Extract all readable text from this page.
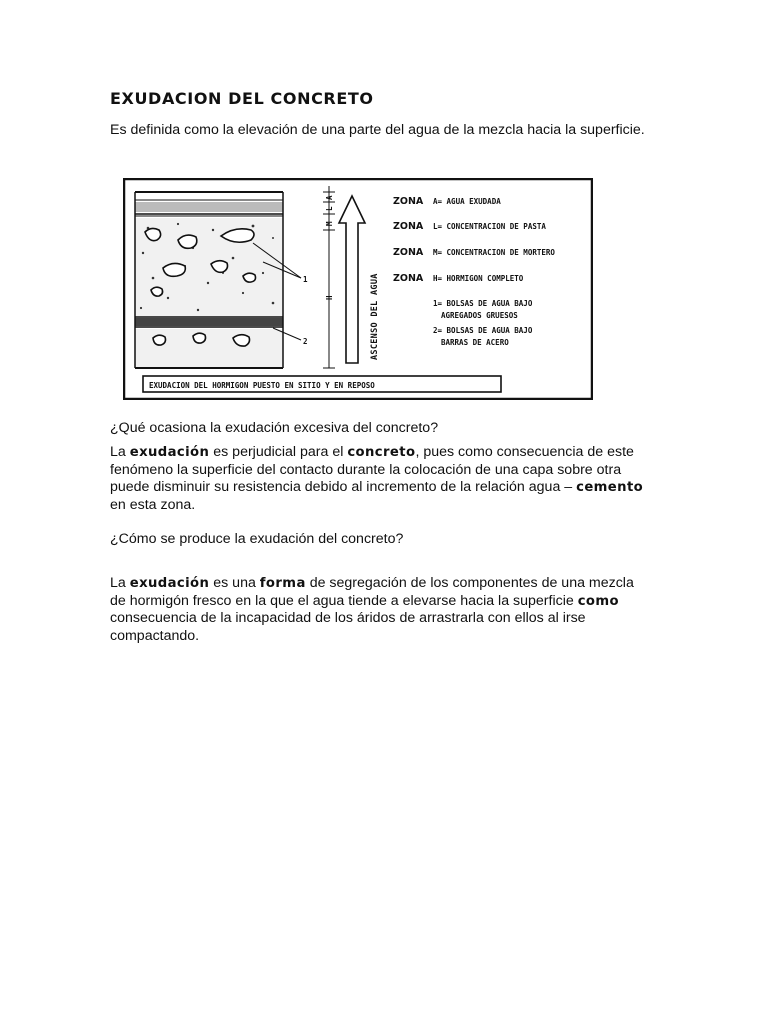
EXUDACION DEL CONCRETO

Es definida como la elevación de una parte del agua de la mezcla hacia la superficie.

1
2
A
L
M
H	ASCENSO DEL AGUA
ZONA A= AGUA EXUDADA
ZONA L= CONCENTRACION DE PASTA
ZONA M= CONCENTRACION DE MORTERO
ZONA H= HORMIGON COMPLETO
1= BOLSAS DE AGUA BAJO
AGREGADOS GRUESOS
2= BOLSAS DE AGUA BAJO
BARRAS DE ACERO
EXUDACION DEL HORMIGON PUESTO EN SITIO Y EN REPOSO

¿Qué ocasiona la exudación excesiva del concreto?

La exudación es perjudicial para el concreto, pues como consecuencia de este fenómeno la superficie del contacto durante la colocación de una capa sobre otra puede disminuir su resistencia debido al incremento de la relación agua – cemento en esta zona.

¿Cómo se produce la exudación del concreto?

La exudación es una forma de segregación de los componentes de una mezcla de hormigón fresco en la que el agua tiende a elevarse hacia la superficie como consecuencia de la incapacidad de los áridos de arrastrarla con ellos al irse compactando.
